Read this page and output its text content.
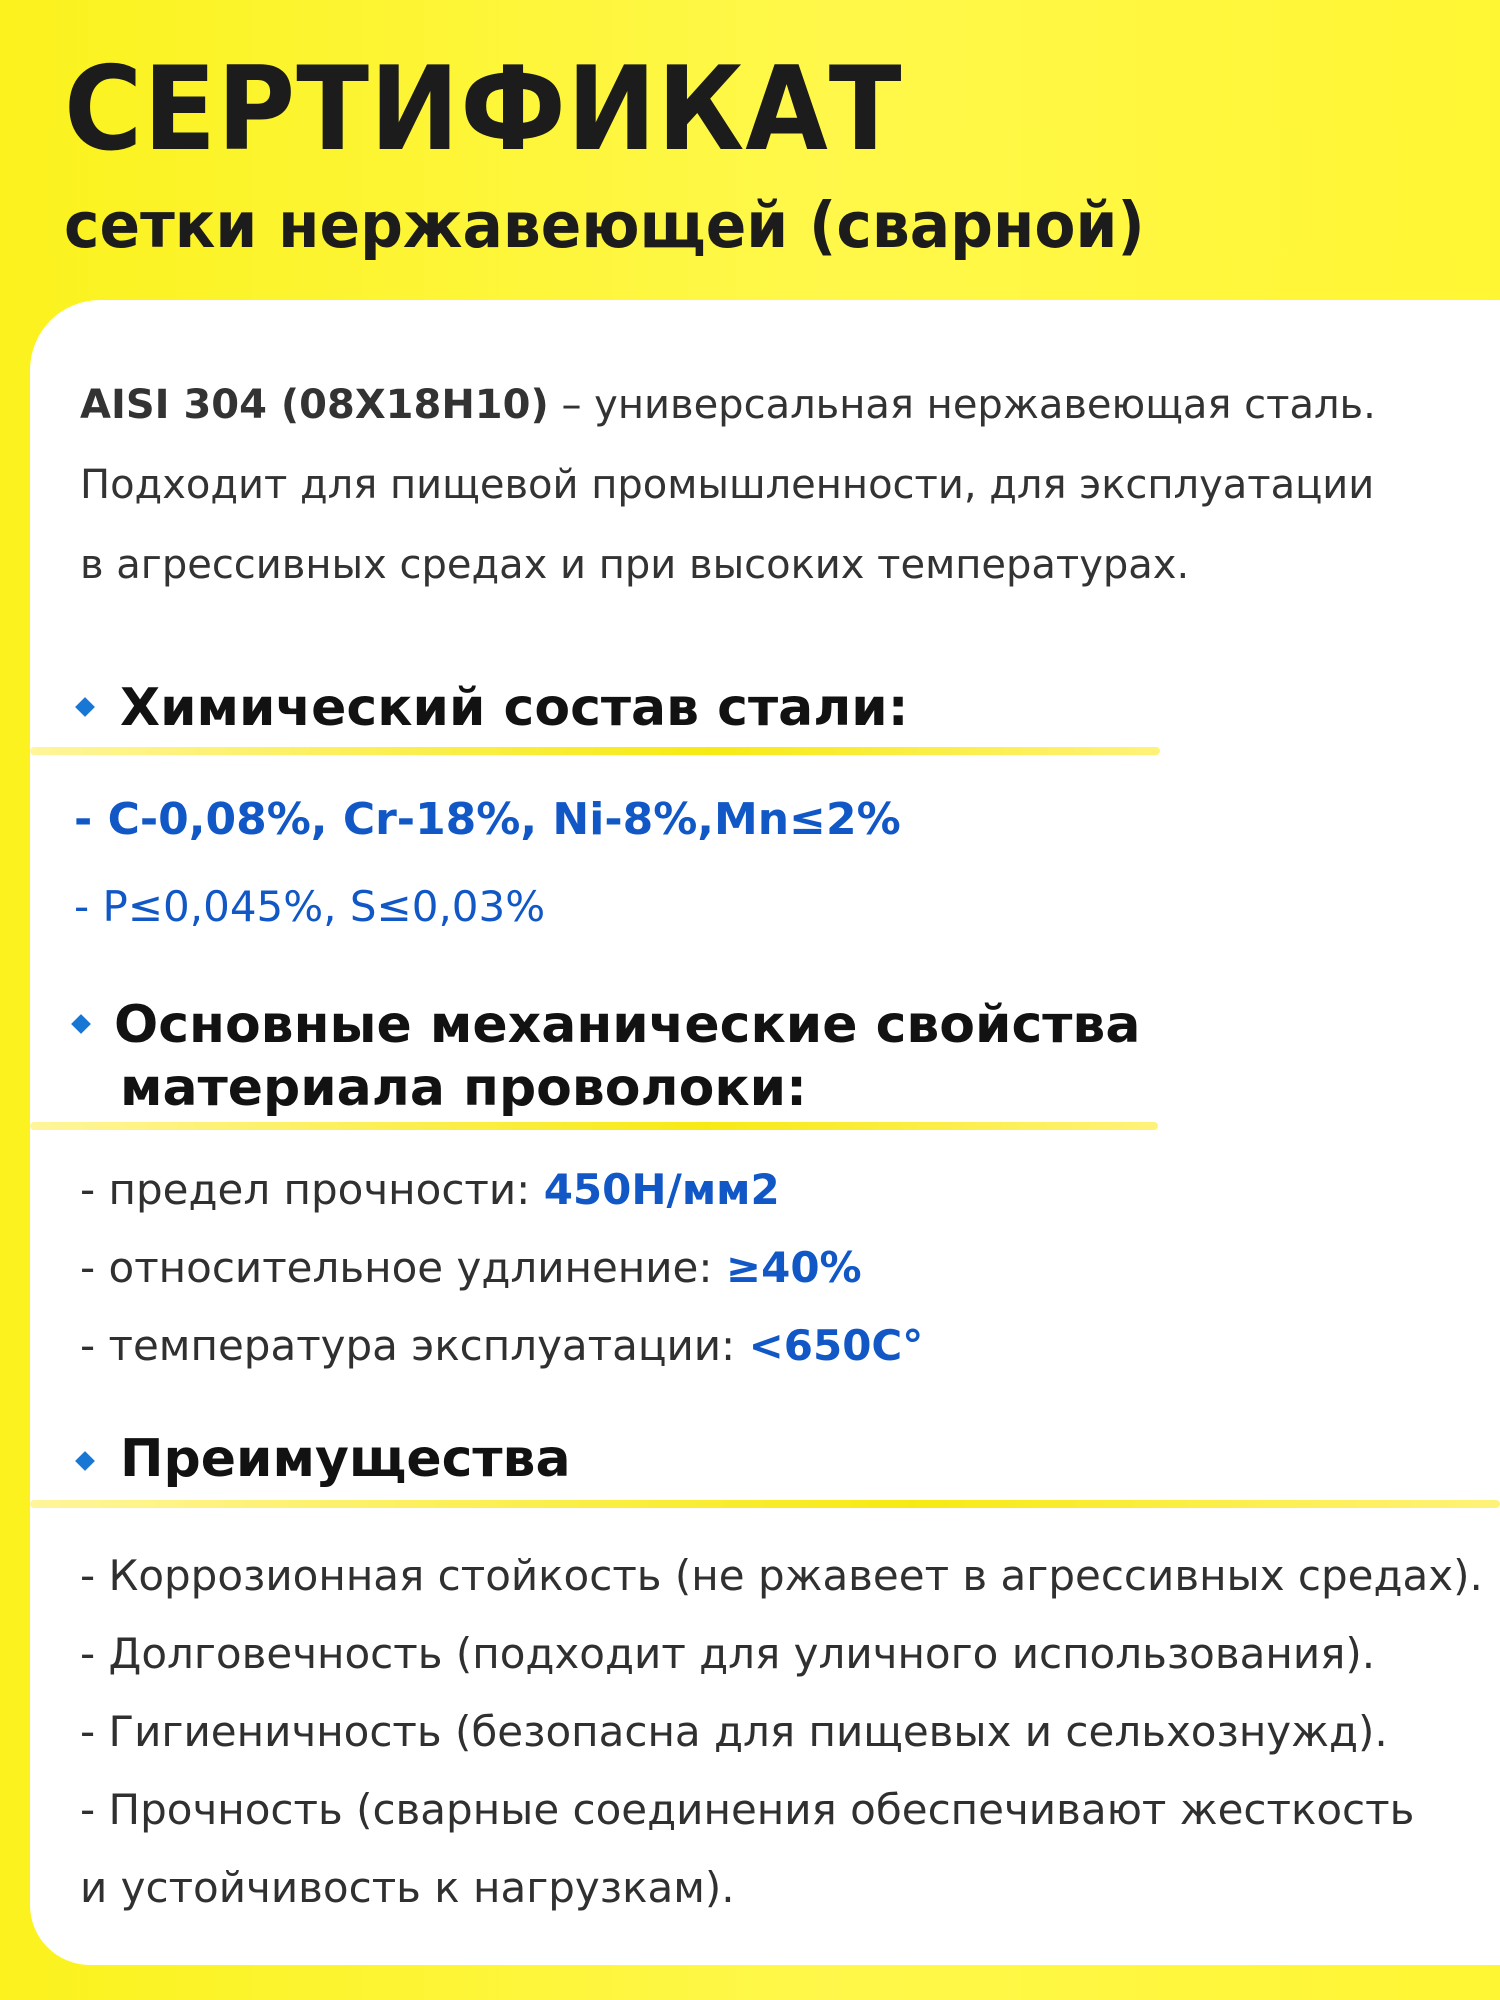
СЕРТИФИКАТ
сетки нержавеющей (сварной)
AISI 304 (08Х18Н10) – универсальная нержавеющая сталь.
Подходит для пищевой промышленности, для эксплуатации
в агрессивных средах и при высоких температурах.
Химический состав стали:
- С-0,08%, Cr-18%, Ni-8%,Mn≤2%
- P≤0,045%, S≤0,03%
Основные механические свойства
материала проволоки:
- предел прочности: 450Н/мм2
- относительное удлинение: ≥40%
- температура эксплуатации: <650С°
Преимущества
- Коррозионная стойкость (не ржавеет в агрессивных средах).
- Долговечность (подходит для уличного использования).
- Гигиеничность (безопасна для пищевых и сельхознужд).
- Прочность (сварные соединения обеспечивают жесткость
и устойчивость к нагрузкам).
